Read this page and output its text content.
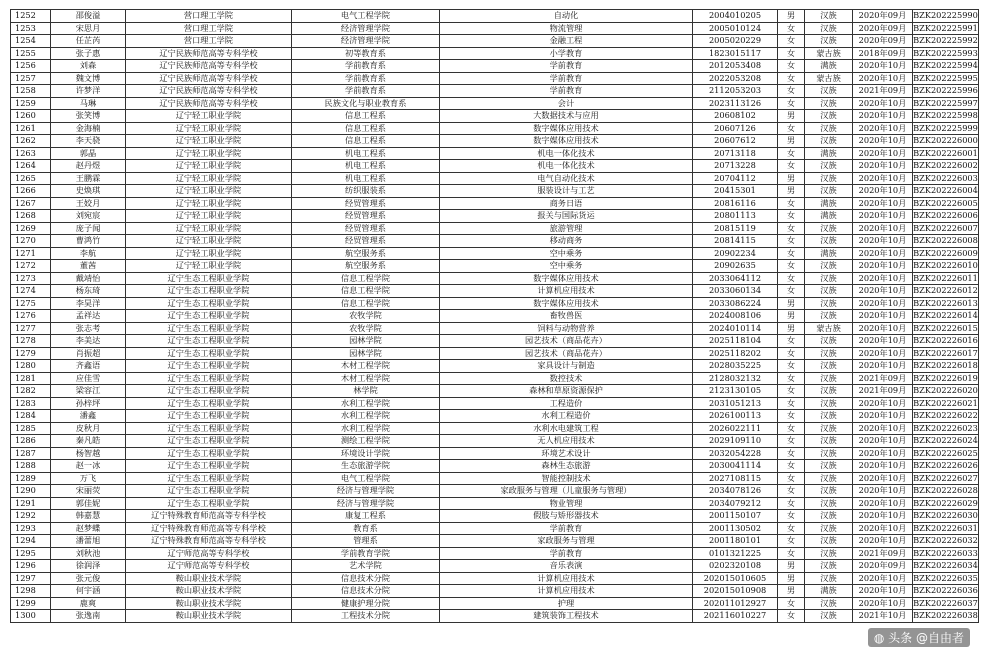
1252	邵俊溢	营口理工学院	电气工程学院	自动化	2004010205	男	汉族	2020年09月	BZK202225990
1253	宋思月	营口理工学院	经济管理学院	物流管理	2005010124	女	汉族	2020年09月	BZK202225991
1254	任芷芮	营口理工学院	经济管理学院	金融工程	2005020229	女	汉族	2020年09月	BZK202225992
1255	张子惠	辽宁民族师范高等专科学校	初等教育系	小学教育	1823015117	女	蒙古族	2018年09月	BZK202225993
1256	刘森	辽宁民族师范高等专科学校	学前教育系	学前教育	2012053408	女	满族	2020年10月	BZK202225994
1257	魏文博	辽宁民族师范高等专科学校	学前教育系	学前教育	2022053208	女	蒙古族	2020年10月	BZK202225995
1258	许梦洋	辽宁民族师范高等专科学校	学前教育系	学前教育	2112053203	女	汉族	2021年09月	BZK202225996
1259	马琳	辽宁民族师范高等专科学校	民族文化与职业教育系	会计	2023113126	女	汉族	2020年10月	BZK202225997
1260	张笑博	辽宁轻工职业学院	信息工程系	大数据技术与应用	20608102	男	汉族	2020年10月	BZK202225998
1261	金海楠	辽宁轻工职业学院	信息工程系	数字媒体应用技术	20607126	女	汉族	2020年10月	BZK202225999
1262	李天骁	辽宁轻工职业学院	信息工程系	数字媒体应用技术	20607612	男	汉族	2020年10月	BZK202226000
1263	郭晶	辽宁轻工职业学院	机电工程系	机电一体化技术	20713118	女	满族	2020年10月	BZK202226001
1264	赵丹煜	辽宁轻工职业学院	机电工程系	机电一体化技术	20713228	女	汉族	2020年10月	BZK202226002
1265	王鹏霖	辽宁轻工职业学院	机电工程系	电气自动化技术	20704112	男	汉族	2020年10月	BZK202226003
1266	史焕琪	辽宁轻工职业学院	纺织服装系	服装设计与工艺	20415301	男	汉族	2020年10月	BZK202226004
1267	王姣月	辽宁轻工职业学院	经贸管理系	商务日语	20816116	女	满族	2020年10月	BZK202226005
1268	刘宛宸	辽宁轻工职业学院	经贸管理系	报关与国际货运	20801113	女	满族	2020年10月	BZK202226006
1269	庞子闻	辽宁轻工职业学院	经贸管理系	旅游管理	20815119	女	汉族	2020年10月	BZK202226007
1270	曹鸿竹	辽宁轻工职业学院	经贸管理系	移动商务	20814115	女	汉族	2020年10月	BZK202226008
1271	李航	辽宁轻工职业学院	航空服务系	空中乘务	20902234	女	满族	2020年10月	BZK202226009
1272	董茜	辽宁轻工职业学院	航空服务系	空中乘务	20902635	女	汉族	2020年10月	BZK202226010
1273	戴靖怡	辽宁生态工程职业学院	信息工程学院	数字媒体应用技术	2033064112	女	汉族	2020年10月	BZK202226011
1274	杨东琦	辽宁生态工程职业学院	信息工程学院	计算机应用技术	2033060134	女	汉族	2020年10月	BZK202226012
1275	李昊洋	辽宁生态工程职业学院	信息工程学院	数字媒体应用技术	2033086224	男	汉族	2020年10月	BZK202226013
1276	孟祥达	辽宁生态工程职业学院	农牧学院	畜牧兽医	2024008106	男	汉族	2020年10月	BZK202226014
1277	张志考	辽宁生态工程职业学院	农牧学院	饲料与动物营养	2024010114	男	蒙古族	2020年10月	BZK202226015
1278	李美达	辽宁生态工程职业学院	园林学院	园艺技术（商品花卉）	2025118104	女	汉族	2020年10月	BZK202226016
1279	肖振超	辽宁生态工程职业学院	园林学院	园艺技术（商品花卉）	2025118202	女	汉族	2020年10月	BZK202226017
1280	齐鑫语	辽宁生态工程职业学院	木材工程学院	家具设计与制造	2028035225	女	汉族	2020年10月	BZK202226018
1281	应佳雪	辽宁生态工程职业学院	木材工程学院	数控技术	2128032132	女	汉族	2021年09月	BZK202226019
1282	梁容江	辽宁生态工程职业学院	林学院	森林和草原资源保护	2123130105	女	汉族	2021年09月	BZK202226020
1283	孙梓坪	辽宁生态工程职业学院	水利工程学院	工程造价	2031051213	女	汉族	2020年10月	BZK202226021
1284	潘鑫	辽宁生态工程职业学院	水利工程学院	水利工程造价	2026100113	女	汉族	2020年10月	BZK202226022
1285	皮秋月	辽宁生态工程职业学院	水利工程学院	水利水电建筑工程	2026022111	女	汉族	2020年10月	BZK202226023
1286	秦凡皓	辽宁生态工程职业学院	测绘工程学院	无人机应用技术	2029109110	女	汉族	2020年10月	BZK202226024
1287	杨智越	辽宁生态工程职业学院	环境设计学院	环境艺术设计	2032054228	女	汉族	2020年10月	BZK202226025
1288	赵一冰	辽宁生态工程职业学院	生态旅游学院	森林生态旅游	2030041114	女	汉族	2020年10月	BZK202226026
1289	万飞	辽宁生态工程职业学院	电气工程学院	智能控制技术	2027108115	女	汉族	2020年10月	BZK202226027
1290	宋丽荧	辽宁生态工程职业学院	经济与管理学院	家政服务与管理（儿童服务与管理）	2034078126	女	汉族	2020年10月	BZK202226028
1291	郭佳妮	辽宁生态工程职业学院	经济与管理学院	物业管理	2034079212	女	汉族	2020年10月	BZK202226029
1292	韩嘉慧	辽宁特殊教育师范高等专科学校	康复工程系	假肢与矫形器技术	2001150107	女	汉族	2020年10月	BZK202226030
1293	赵梦蝶	辽宁特殊教育师范高等专科学校	教育系	学前教育	2001130502	女	汉族	2020年10月	BZK202226031
1294	潘蕾旭	辽宁特殊教育师范高等专科学校	管理系	家政服务与管理	2001180101	女	汉族	2020年10月	BZK202226032
1295	刘秋池	辽宁师范高等专科学校	学前教育学院	学前教育	0101321225	女	汉族	2021年09月	BZK202226033
1296	徐润泽	辽宁师范高等专科学校	艺术学院	音乐表演	0202320108	男	汉族	2020年09月	BZK202226034
1297	张元俊	鞍山职业技术学院	信息技术分院	计算机应用技术	202015010605	男	汉族	2020年10月	BZK202226035
1298	何宇涵	鞍山职业技术学院	信息技术分院	计算机应用技术	202015010908	男	满族	2020年10月	BZK202226036
1299	鹿爽	鞍山职业技术学院	健康护理分院	护理	202011012927	女	汉族	2020年10月	BZK202226037
1300	张逸南	鞍山职业技术学院	工程技术分院	建筑装饰工程技术	202116010227	女	汉族	2021年10月	BZK202226038
◍ 头条 @自由者
